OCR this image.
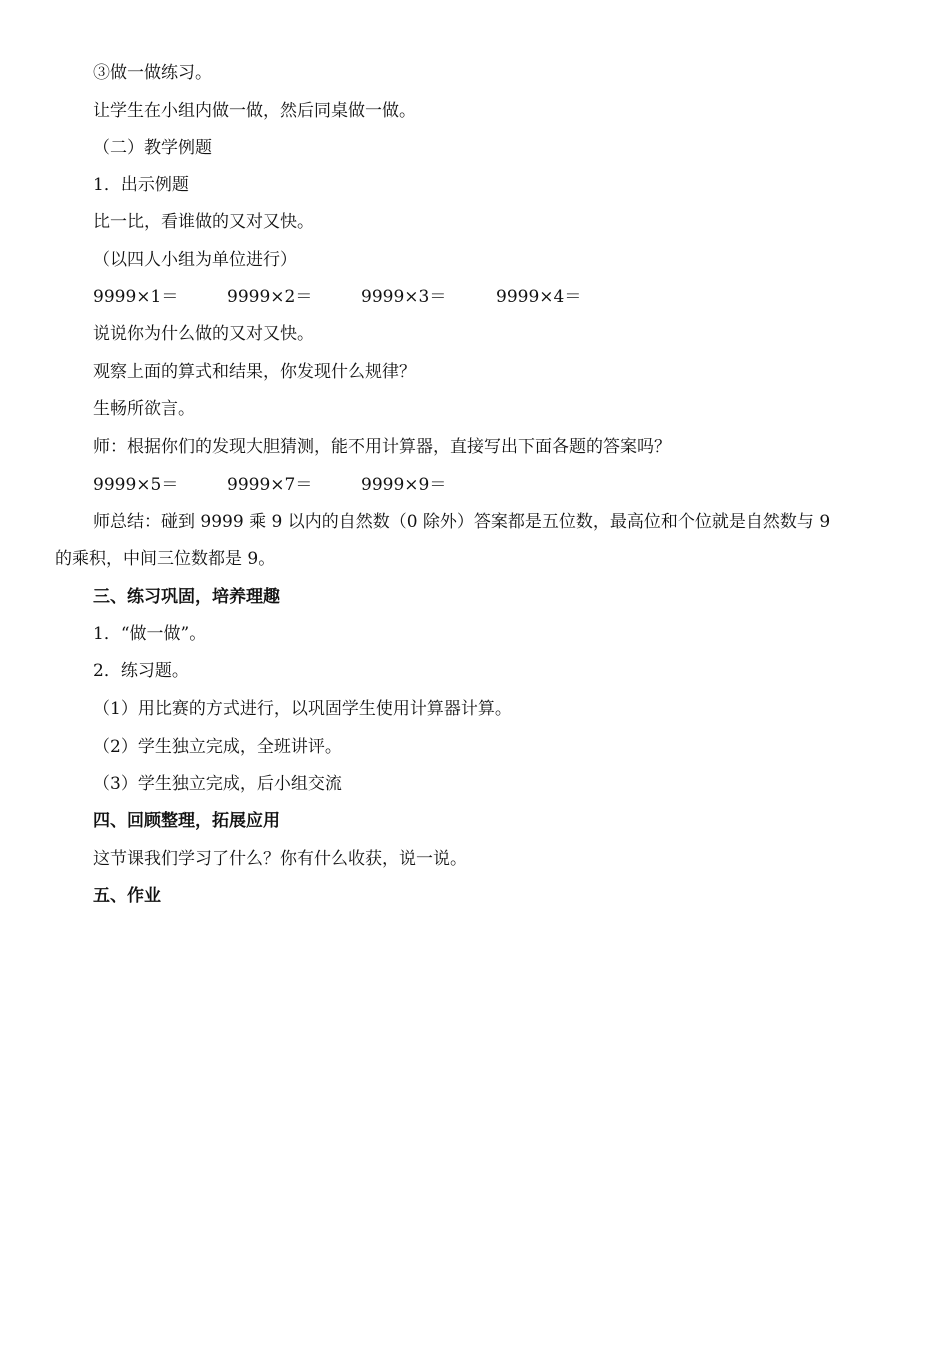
③做一做练习。
让学生在小组内做一做，然后同桌做一做。
（二）教学例题
1．出示例题
比一比，看谁做的又对又快。
（以四人小组为单位进行）
9999×1＝	9999×2＝	9999×3＝	9999×4＝
说说你为什么做的又对又快。
观察上面的算式和结果，你发现什么规律？
生畅所欲言。
师：根据你们的发现大胆猜测，能不用计算器，直接写出下面各题的答案吗？
9999×5＝	9999×7＝	9999×9＝
师总结：碰到 9999 乘 9 以内的自然数（0 除外）答案都是五位数，最高位和个位就是自然数与 9
的乘积，中间三位数都是 9。
三、练习巩固，培养理趣
1．“做一做”。
2．练习题。
（1）用比赛的方式进行，以巩固学生使用计算器计算。
（2）学生独立完成，全班讲评。
（3）学生独立完成，后小组交流
四、回顾整理，拓展应用
这节课我们学习了什么？你有什么收获，说一说。
五、作业
